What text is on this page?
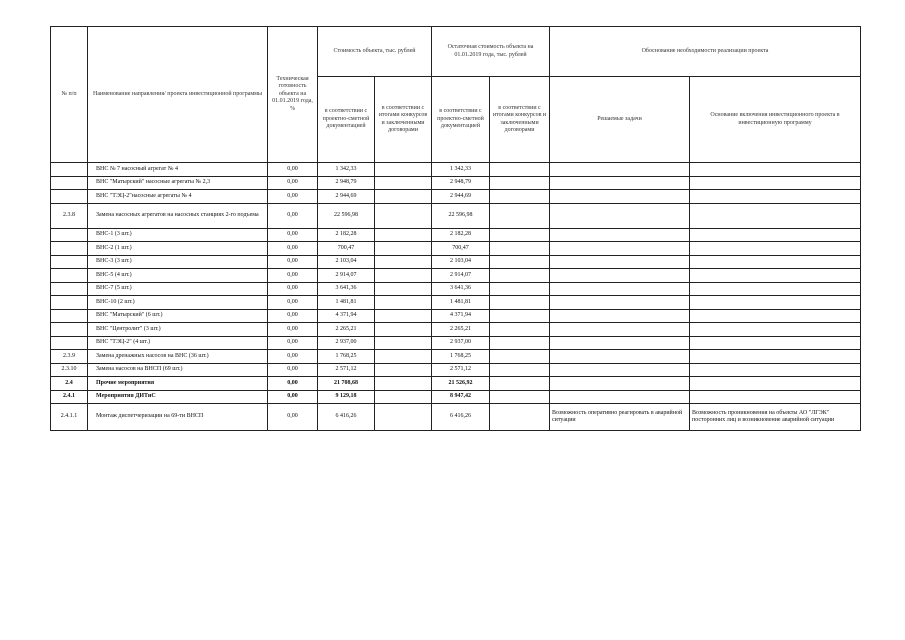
№ п/п	Наименование направления/ проекта инвестиционной программы	Техническая готовность объекта на 01.01.2019 года, %	Стоимость объекта, тыс. рублей		Остаточная стоимость объекта на 01.01.2019 года, тыс. рублей		Обоснование необходимости реализации проекта	
			в соответствии с проектно-сметной документацией	в соответствии с итогами конкурсов и заключенными договорами	в соответствии с проектно-сметной документацией	в соответствии с итогами конкурсов и заключенными договорами	Решаемые задачи	Основание включения инвестиционного проекта в инвестиционную программу
	ВНС № 7 насосный агрегат № 4	0,00	1 342,33		1 342,33			
	ВНС "Матырский" насосные агрегаты № 2,3	0,00	2 948,79		2 948,79			
	ВНС "ТЭЦ-2"насосные агрегаты № 4	0,00	2 944,69		2 944,69			
2.3.8	Замена насосных агрегатов на насосных станциях 2-го подъема	0,00	22 596,98		22 596,98			
	ВНС-1 (3 шт.)	0,00	2 182,28		2 182,28			
	ВНС-2 (1 шт.)	0,00	700,47		700,47			
	ВНС-3 (3 шт.)	0,00	2 103,04		2 103,04			
	ВНС-5 (4 шт.)	0,00	2 914,07		2 914,07			
	ВНС-7 (5 шт.)	0,00	3 641,36		3 641,36			
	ВНС-10 (2 шт.)	0,00	1 481,81		1 481,81			
	ВНС "Матырский" (6 шт.)	0,00	4 371,94		4 371,94			
	ВНС "Центролит" (3 шт.)	0,00	2 265,21		2 265,21			
	ВНС "ТЭЦ-2" (4 шт.)	0,00	2 937,00		2 937,00			
2.3.9	Замена дренажных насосов на ВНС (36 шт.)	0,00	1 768,25		1 768,25			
2.3.10	Замена насосов на ВНСП (69 шт.)	0,00	2 571,12		2 571,12			
2.4	Прочие мероприятия	0,00	21 708,68		21 526,92			
2.4.1	Мероприятия ДИТиС	0,00	9 129,18		8 947,42			
2.4.1.1	Монтаж диспетчеризации на 69-ти ВНСП	0,00	6 416,26		6 416,26		Возможность оперативно реагировать в аварийной ситуации	Возможность проникновения на объекты АО "ЛГЭК" посторонних лиц и возникновение аварийной ситуации
